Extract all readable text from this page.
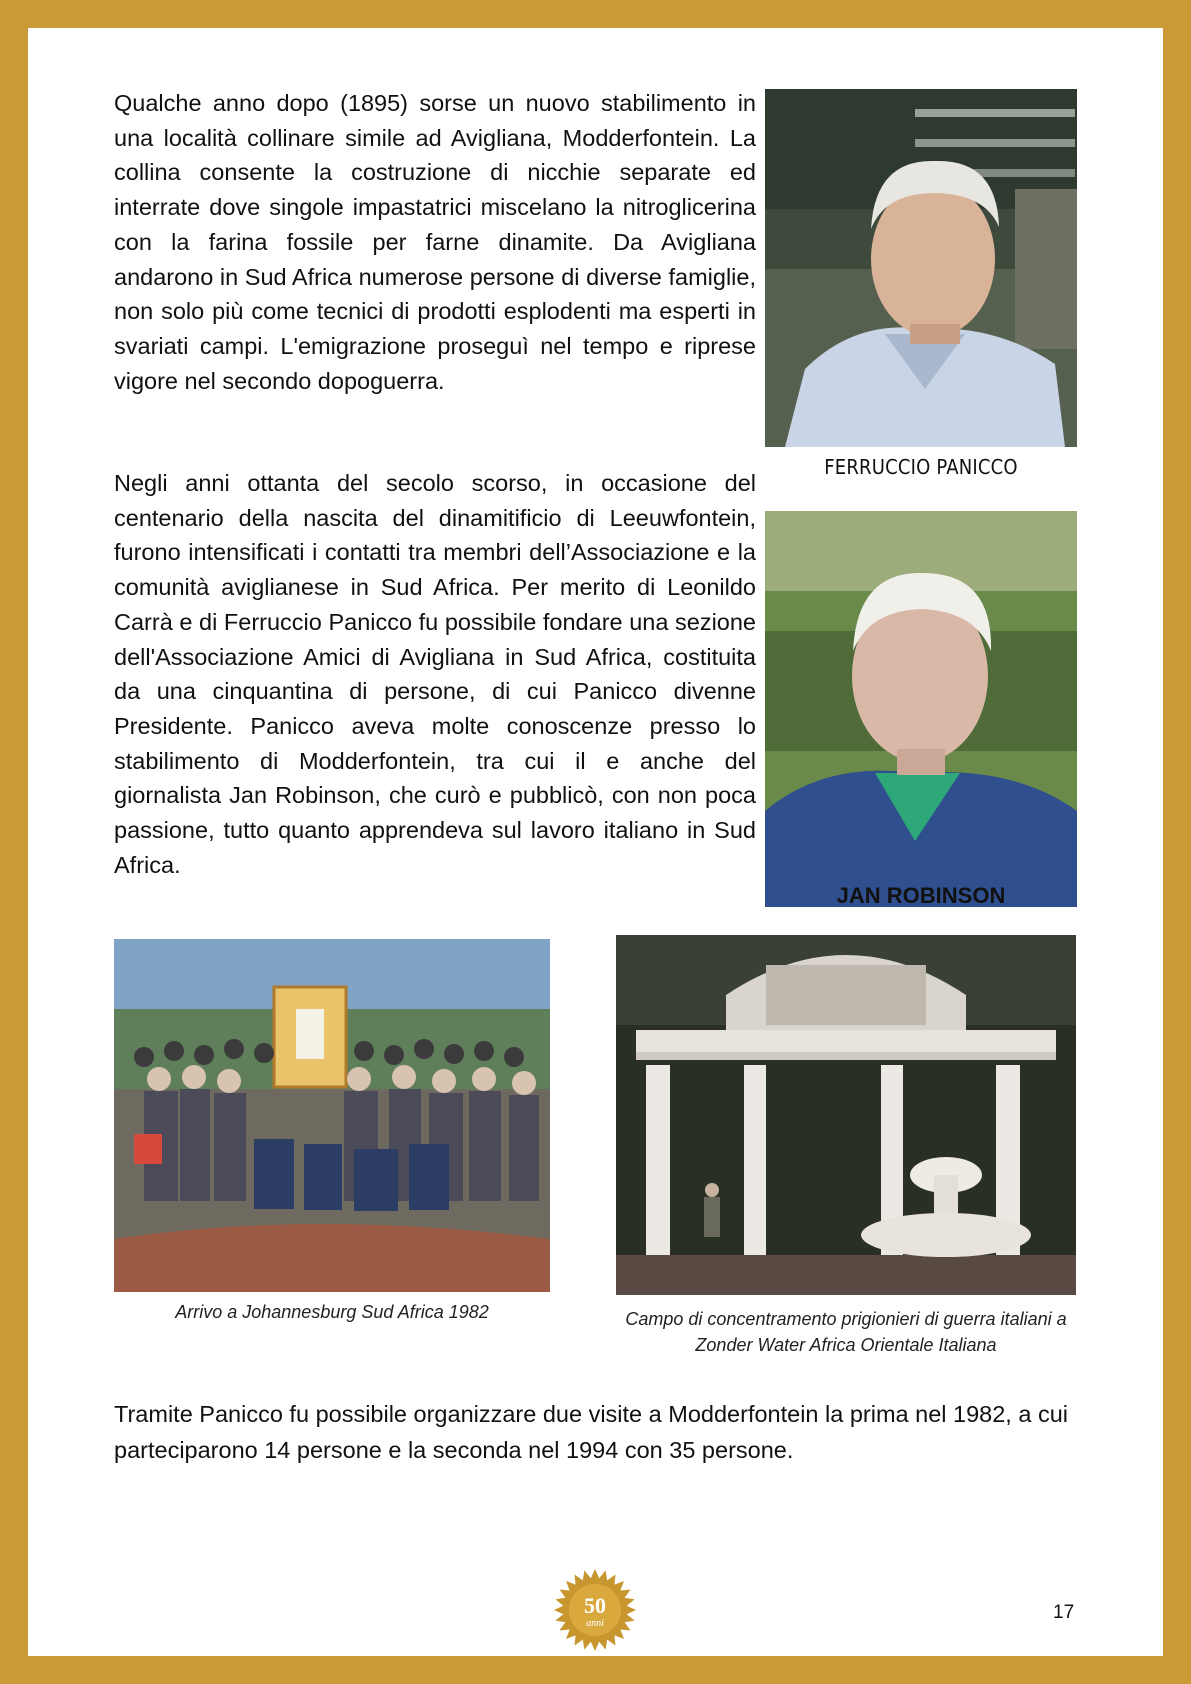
Qualche anno dopo (1895) sorse un nuovo stabilimento in una località collinare simile ad Avigliana, Modderfontein. La collina consente la costruzione di nicchie separate ed interrate dove singole impastatrici miscelano la nitroglicerina con la farina fossile per farne dinamite. Da Avigliana andarono in Sud Africa numerose persone di diverse famiglie, non solo più come tecnici di prodotti esplodenti ma esperti in svariati campi. L'emigrazione proseguì nel tempo e riprese vigore nel secondo dopoguerra.

FERRUCCIO PANICCO

Negli anni ottanta del secolo scorso, in occasione del centenario della nascita del dinamitificio di Leeuwfontein, furono intensificati i contatti tra membri dell’Associazione e la comunità aviglianese in Sud Africa. Per merito di Leonildo Carrà e di Ferruccio Panicco fu possibile fondare una sezione dell'Associazione Amici di Avigliana in Sud Africa, costituita da una cinquantina di persone, di cui Panicco divenne Presidente. Panicco aveva molte conoscenze presso lo stabilimento di Modderfontein, tra cui il e anche del giornalista Jan Robinson, che curò e pubblicò, con non poca passione, tutto quanto apprendeva sul lavoro italiano in Sud Africa.

JAN ROBINSON

Arrivo a Johannesburg Sud Africa 1982	Campo di concentramento prigionieri di guerra italiani a Zonder Water Africa Orientale Italiana

Tramite Panicco fu possibile organizzare due visite a Modderfontein la prima nel 1982, a cui parteciparono 14 persone e la seconda nel 1994 con 35 persone.

50
anni
17
